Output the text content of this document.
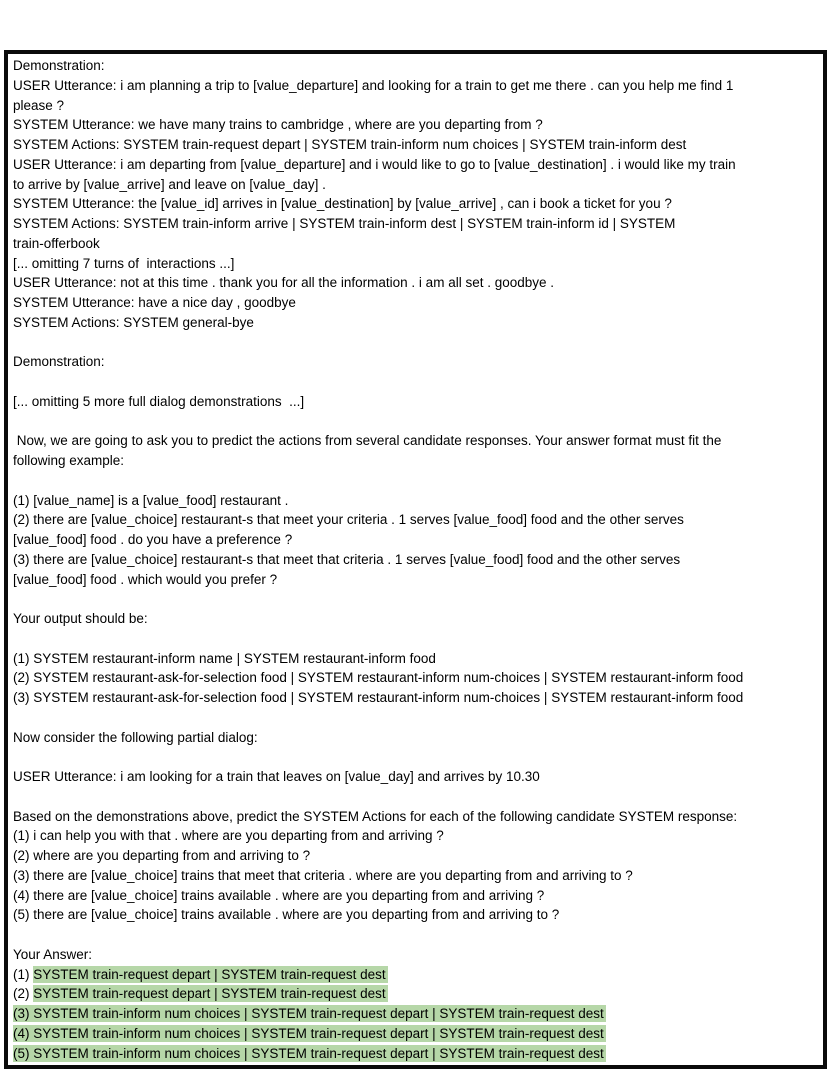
Demonstration:
USER Utterance: i am planning a trip to [value_departure] and looking for a train to get me there . can you help me find 1
please ?
SYSTEM Utterance: we have many trains to cambridge , where are you departing from ?
SYSTEM Actions: SYSTEM train-request depart | SYSTEM train-inform num choices | SYSTEM train-inform dest
USER Utterance: i am departing from [value_departure] and i would like to go to [value_destination] . i would like my train
to arrive by [value_arrive] and leave on [value_day] .
SYSTEM Utterance: the [value_id] arrives in [value_destination] by [value_arrive] , can i book a ticket for you ?
SYSTEM Actions: SYSTEM train-inform arrive | SYSTEM train-inform dest | SYSTEM train-inform id | SYSTEM
train-offerbook
[... omitting 7 turns of  interactions ...]
USER Utterance: not at this time . thank you for all the information . i am all set . goodbye .
SYSTEM Utterance: have a nice day , goodbye
SYSTEM Actions: SYSTEM general-bye
Demonstration:
[... omitting 5 more full dialog demonstrations  ...]
Now, we are going to ask you to predict the actions from several candidate responses. Your answer format must fit the
following example:
(1) [value_name] is a [value_food] restaurant .
(2) there are [value_choice] restaurant-s that meet your criteria . 1 serves [value_food] food and the other serves
[value_food] food . do you have a preference ?
(3) there are [value_choice] restaurant-s that meet that criteria . 1 serves [value_food] food and the other serves
[value_food] food . which would you prefer ?
Your output should be:
(1) SYSTEM restaurant-inform name | SYSTEM restaurant-inform food
(2) SYSTEM restaurant-ask-for-selection food | SYSTEM restaurant-inform num-choices | SYSTEM restaurant-inform food
(3) SYSTEM restaurant-ask-for-selection food | SYSTEM restaurant-inform num-choices | SYSTEM restaurant-inform food
Now consider the following partial dialog:
USER Utterance: i am looking for a train that leaves on [value_day] and arrives by 10.30
Based on the demonstrations above, predict the SYSTEM Actions for each of the following candidate SYSTEM response:
(1) i can help you with that . where are you departing from and arriving ?
(2) where are you departing from and arriving to ?
(3) there are [value_choice] trains that meet that criteria . where are you departing from and arriving to ?
(4) there are [value_choice] trains available . where are you departing from and arriving ?
(5) there are [value_choice] trains available . where are you departing from and arriving to ?
Your Answer:
(1) SYSTEM train-request depart | SYSTEM train-request dest
(2) SYSTEM train-request depart | SYSTEM train-request dest
(3) SYSTEM train-inform num choices | SYSTEM train-request depart | SYSTEM train-request dest
(4) SYSTEM train-inform num choices | SYSTEM train-request depart | SYSTEM train-request dest
(5) SYSTEM train-inform num choices | SYSTEM train-request depart | SYSTEM train-request dest
